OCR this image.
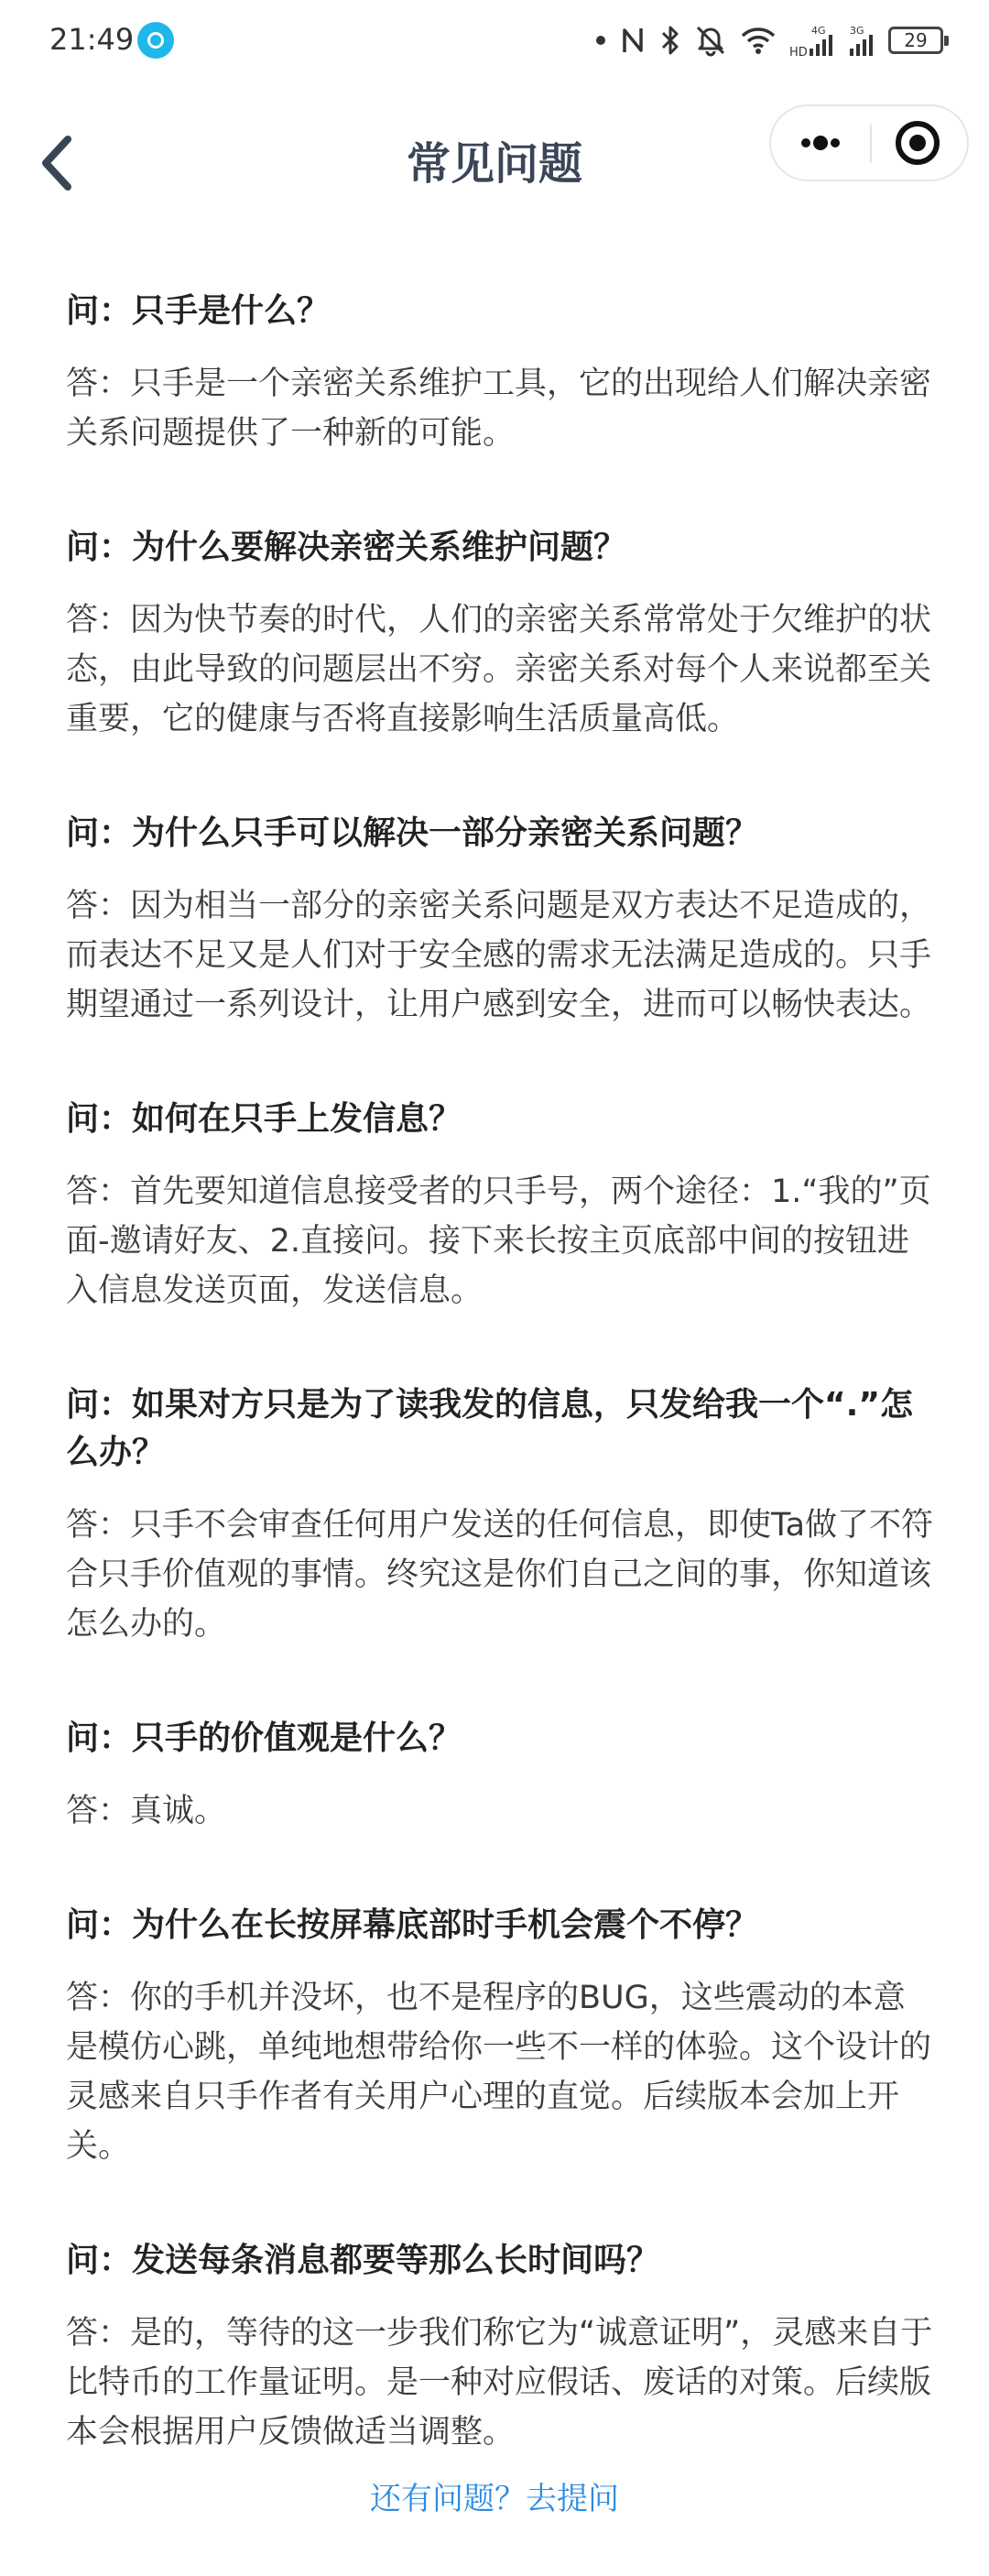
21:49	4G
HD
3G	29
常见问题

问：只手是什么？

答：只手是一个亲密关系维护工具，它的出现给人们解决亲密关系问题提供了一种新的可能。

问：为什么要解决亲密关系维护问题？

答：因为快节奏的时代，人们的亲密关系常常处于欠维护的状态，由此导致的问题层出不穷。亲密关系对每个人来说都至关重要，它的健康与否将直接影响生活质量高低。

问：为什么只手可以解决一部分亲密关系问题？

答：因为相当一部分的亲密关系问题是双方表达不足造成的，而表达不足又是人们对于安全感的需求无法满足造成的。只手期望通过一系列设计，让用户感到安全，进而可以畅快表达。

问：如何在只手上发信息？

答：首先要知道信息接受者的只手号，两个途径：1.“我的”页面-邀请好友、2.直接问。接下来长按主页底部中间的按钮进入信息发送页面，发送信息。

问：如果对方只是为了读我发的信息，只发给我一个“.”怎么办？

答：只手不会审查任何用户发送的任何信息，即使Ta做了不符合只手价值观的事情。终究这是你们自己之间的事，你知道该怎么办的。

问：只手的价值观是什么？

答：真诚。

问：为什么在长按屏幕底部时手机会震个不停？

答：你的手机并没坏，也不是程序的BUG，这些震动的本意是模仿心跳，单纯地想带给你一些不一样的体验。这个设计的灵感来自只手作者有关用户心理的直觉。后续版本会加上开关。

问：发送每条消息都要等那么长时间吗？

答：是的，等待的这一步我们称它为“诚意证明”，灵感来自于比特币的工作量证明。是一种对应假话、废话的对策。后续版本会根据用户反馈做适当调整。

还有问题？去提问
